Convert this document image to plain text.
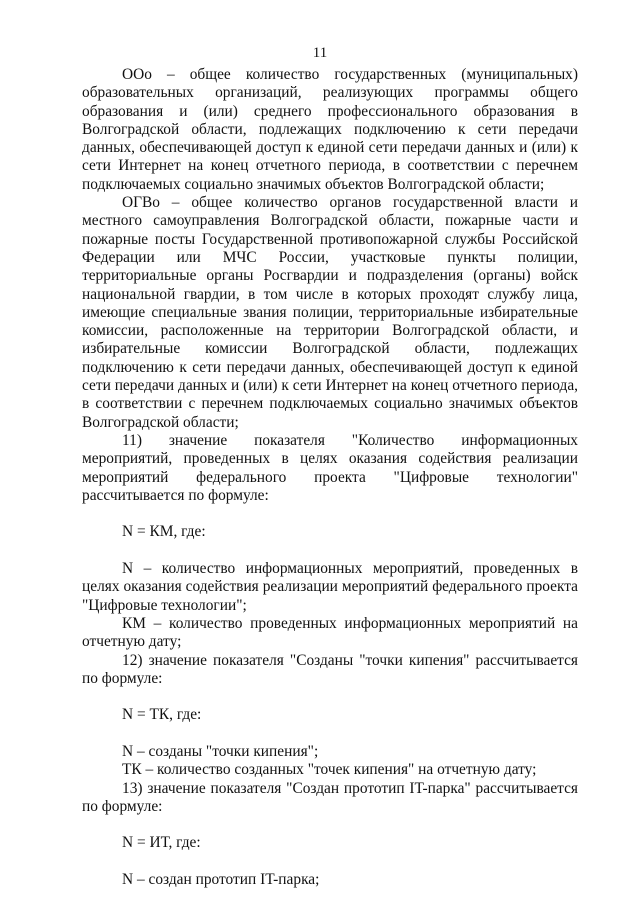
11

ООо – общее количество государственных (муниципальных) образовательных организаций, реализующих программы общего образования и (или) среднего профессионального образования в Волгоградской области, подлежащих подключению к сети передачи данных, обеспечивающей доступ к единой сети передачи данных и (или) к сети Интернет на конец отчетного периода, в соответствии с перечнем подключаемых социально значимых объектов Волгоградской области;

ОГВо – общее количество органов государственной власти и местного самоуправления Волгоградской области, пожарные части и пожарные посты Государственной противопожарной службы Российской Федерации или МЧС России, участковые пункты полиции, территориальные органы Росгвардии и подразделения (органы) войск национальной гвардии, в том числе в которых проходят службу лица, имеющие специальные звания полиции, территориальные избирательные комиссии, расположенные на территории Волгоградской области, и избирательные комиссии Волгоградской области, подлежащих подключению к сети передачи данных, обеспечивающей доступ к единой сети передачи данных и (или) к сети Интернет на конец отчетного периода, в соответствии с перечнем подключаемых социально значимых объектов Волгоградской области;

11) значение показателя "Количество информационных мероприятий, проведенных в целях оказания содействия реализации мероприятий федерального проекта "Цифровые технологии" рассчитывается по формуле:

N = КМ, где:

N – количество информационных мероприятий, проведенных в целях оказания содействия реализации мероприятий федерального проекта "Цифровые технологии";

КМ – количество проведенных информационных мероприятий на отчетную дату;

12) значение показателя "Созданы "точки кипения" рассчитывается по формуле:

N = ТК, где:

N – созданы "точки кипения";

ТК – количество созданных "точек кипения" на отчетную дату;

13) значение показателя "Создан прототип IT-парка" рассчитывается по формуле:

N = ИТ, где:

N – создан прототип IT-парка;
